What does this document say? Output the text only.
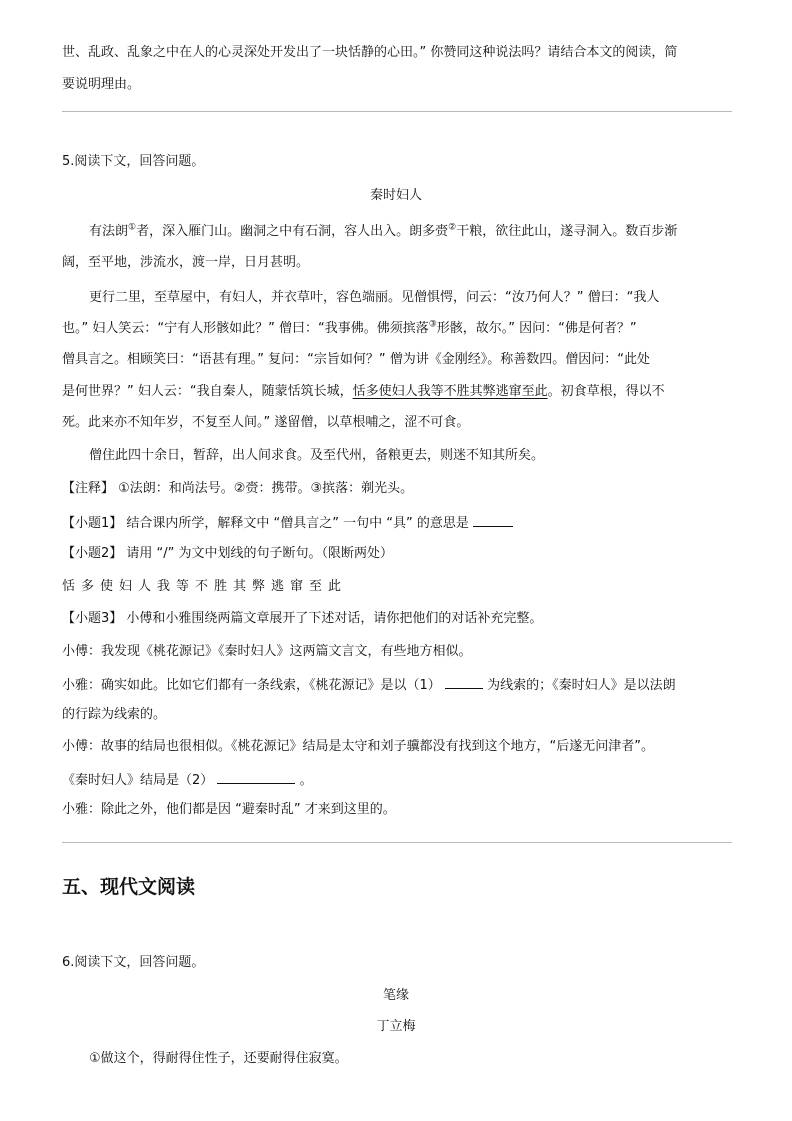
世、乱政、乱象之中在人的心灵深处开发出了一块恬静的心田。” 你赞同这种说法吗？请结合本文的阅读，简
要说明理由。
5.阅读下文，回答问题。
秦时妇人
有法朗①者，深入雁门山。幽洞之中有石洞，容人出入。朗多赍②干粮，欲往此山，遂寻洞入。数百步渐
阔，至平地，涉流水，渡一岸，日月甚明。
更行二里，至草屋中，有妇人，并衣草叶，容色端丽。见僧惧愕，问云：“汝乃何人？” 僧曰：“我人
也。” 妇人笑云：“宁有人形骸如此？” 僧曰：“我事佛。佛须摈落③形骸，故尔。” 因问：“佛是何者？”
僧具言之。相顾笑曰：“语甚有理。” 复问：“宗旨如何？” 僧为讲《金刚经》。称善数四。僧因问：“此处
是何世界？” 妇人云：“我自秦人，随蒙恬筑长城，恬多使妇人我等不胜其弊逃窜至此。初食草根，得以不
死。此来亦不知年岁，不复至人间。” 遂留僧，以草根哺之，涩不可食。
僧住此四十余日，暂辞，出人间求食。及至代州，备粮更去，则迷不知其所矣。
【注释】 ①法朗：和尚法号。②赍：携带。③摈落：剃光头。
【小题1】 结合课内所学，解释文中 “僧具言之” 一句中 “具” 的意思是
【小题2】 请用 “/” 为文中划线的句子断句。（限断两处）
恬多使妇人我等不胜其弊逃窜至此
【小题3】 小傅和小雅围绕两篇文章展开了下述对话，请你把他们的对话补充完整。
小傅：我发现《桃花源记》《秦时妇人》这两篇文言文，有些地方相似。
小雅：确实如此。比如它们都有一条线索，《桃花源记》是以（1）	为线索的；《秦时妇人》是以法朗
的行踪为线索的。
小傅：故事的结局也很相似。《桃花源记》结局是太守和刘子骥都没有找到这个地方，“后遂无问津者”。
《秦时妇人》结局是（2）	。
小雅：除此之外，他们都是因 “避秦时乱” 才来到这里的。
五、现代文阅读
6.阅读下文，回答问题。
笔缘
丁立梅
①做这个，得耐得住性子，还要耐得住寂寞。
